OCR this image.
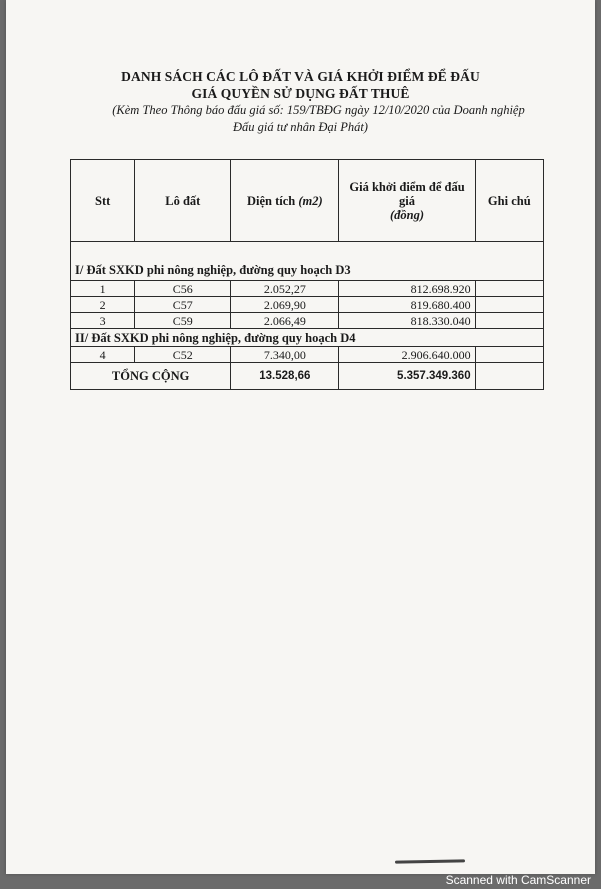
DANH SÁCH CÁC LÔ ĐẤT VÀ GIÁ KHỞI ĐIỂM ĐỂ ĐẤU
GIÁ QUYỀN SỬ DỤNG ĐẤT THUÊ
(Kèm Theo Thông báo đấu giá số: 159/TBĐG ngày 12/10/2020 của Doanh nghiệp
Đấu giá tư nhân Đại Phát)
Stt	Lô đất	Diện tích (m2)	Giá khởi điểm để đấu
giá
(đồng)	Ghi chú
I/ Đất SXKD phi nông nghiệp, đường quy hoạch D3				
1	C56	2.052,27	812.698.920	
2	C57	2.069,90	819.680.400	
3	C59	2.066,49	818.330.040	
II/ Đất SXKD phi nông nghiệp, đường quy hoạch D4				
4	C52	7.340,00	2.906.640.000	
TỔNG CỘNG		13.528,66	5.357.349.360	
Scanned with CamScanner
